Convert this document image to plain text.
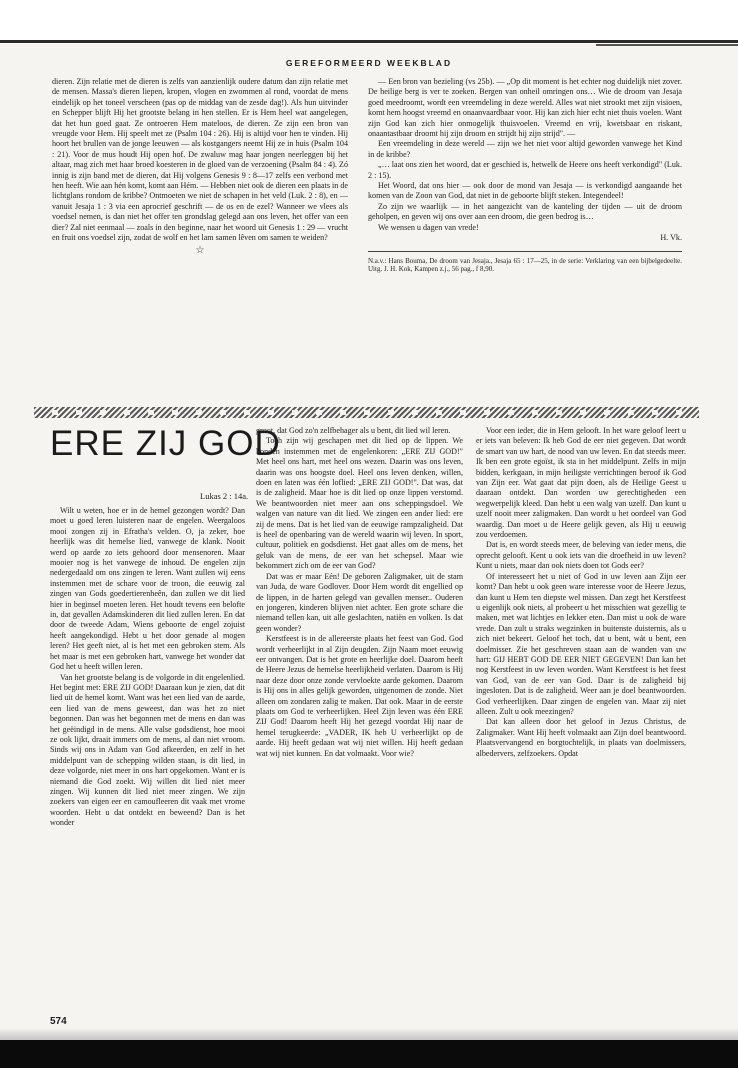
GEREFORMEERD WEEKBLAD

dieren. Zijn relatie met de dieren is zelfs van aanzienlijk oudere datum dan zijn relatie met de mensen. Massa's dieren liepen, kropen, vlogen en zwommen al rond, voordat de mens eindelijk op het toneel verscheen (pas op de middag van de zesde dag!). Als hun uitvinder en Schepper blijft Hij het grootste belang in hen stellen. Er is Hem heel wat aangelegen, dat het hun goed gaat. Ze ontroeren Hem mateloos, de dieren. Ze zijn een bron van vreugde voor Hem. Hij speelt met ze (Psalm 104 : 26). Hij is altijd voor hen te vinden. Hij hoort het brullen van de jonge leeuwen — als kostgangers neemt Hij ze in huis (Psalm 104 : 21). Voor de mus houdt Hij open hof. De zwaluw mag haar jongen neerleggen bij het altaar, mag zich met haar broed koesteren in de gloed van de verzoening (Psalm 84 : 4). Zó innig is zijn band met de dieren, dat Hij volgens Genesis 9 : 8—17 zelfs een verbond met hen heeft. Wie aan hén komt, komt aan Hém. — Hebben niet ook de dieren een plaats in de lichtglans rondom de kribbe? Ontmoeten we niet de schapen in het veld (Luk. 2 : 8), en — vanuit Jesaja 1 : 3 via een aprocrief geschrift — de os en de ezel? Wanneer we vlees als voedsel nemen, is dan niet het offer ten grondslag gelegd aan ons leven, het offer van een dier? Zal niet eenmaal — zoals in den beginne, naar het woord uit Genesis 1 : 29 — vrucht en fruit ons voedsel zijn, zodat de wolf en het lam samen lêven om samen te weiden?

☆

— Een bron van bezieling (vs 25b). — „Op dit moment is het echter nog duidelijk niet zover. De heilige berg is ver te zoeken. Bergen van onheil omringen ons… Wie de droom van Jesaja goed meedroomt, wordt een vreemdeling in deze wereld. Alles wat niet strookt met zijn visioen, komt hem hoogst vreemd en onaanvaardbaar voor. Hij kan zich hier echt niet thuis voelen. Want zijn God kan zich hier onmogelijk thuisvoelen. Vreemd en vrij, kwetsbaar en riskant, onaantastbaar droomt hij zijn droom en strijdt hij zijn strijd". —

Een vreemdeling in deze wereld — zijn we het niet voor altijd geworden vanwege het Kind in de kribbe?

„… laat ons zien het woord, dat er geschied is, hetwelk de Heere ons heeft verkondigd" (Luk. 2 : 15).

Het Woord, dat ons hier — ook door de mond van Jesaja — is verkondigd aangaande het komen van de Zoon van God, dat niet in de geboorte blijft steken. Integendeel!

Zo zijn we waarlijk — in het aangezicht van de kanteling der tijden — uit de droom geholpen, en geven wij ons over aan een droom, die geen bedrog is…

We wensen u dagen van vrede!

H. Vk.

N.a.v.: Hans Bouma, De droom van Jesaja., Jesaja 65 : 17—25, in de serie: Verklaring van een bijbelgedeelte. Uitg. J. H. Kok, Kampen z.j., 56 pag., f 8,90.

ERE ZIJ GOD
Lukas 2 : 14a.

Wilt u weten, hoe er in de hemel gezongen wordt? Dan moet u goed leren luisteren naar de engelen. Weergaloos mooi zongen zij in Efratha's velden. O, ja zeker, hoe heerlijk was dit hemelse lied, vanwege de klank. Nooit werd op aarde zo iets gehoord door mensenoren. Maar mooier nog is het vanwege de inhoud. De engelen zijn nedergedaald om ons zingen te leren. Want zullen wij eens instemmen met de schare voor de troon, die eeuwig zal zingen van Gods goedertierenheên, dan zullen we dit lied hier in beginsel moeten leren. Het houdt tevens een belofte in, dat gevallen Adamskinderen dit lied zullen leren. En dat door de tweede Adam, Wiens geboorte de engel zojuist heeft aangekondigd. Hebt u het door genade al mogen leren? Het geeft niet, al is het met een gebroken stem. Als het maar is met een gebroken hart, vanwege het wonder dat God het u heeft willen leren.

Van het grootste belang is de volgorde in dit engelenlied. Het begint met: ERE ZIJ GOD! Daaraan kun je zien, dat dit lied uit de hemel komt. Want was het een lied van de aarde, een lied van de mens geweest, dan was het zo niet begonnen. Dan was het begonnen met de mens en dan was het geëindigd in de mens. Alle valse godsdienst, hoe mooi ze ook lijkt, draait immers om de mens, al dan niet vroom. Sinds wij ons in Adam van God afkeerden, en zelf in het middelpunt van de schepping wilden staan, is dit lied, in deze volgorde, niet meer in ons hart opgekomen. Want er is niemand die God zoekt. Wij willen dit lied niet meer zingen. Wij kunnen dit lied niet meer zingen. We zijn zoekers van eigen eer en camoufleeren dit vaak met vrome woorden. Hebt u dat ontdekt en beweend? Dan is het wonder

groot, dat God zo'n zelfbehager als u bent, dit lied wil leren.

Toch zijn wij geschapen met dit lied op de lippen. We konden instemmen met de engelenkoren: „ERE ZIJ GOD!" Met heel ons hart, met heel ons wezen. Daarin was ons leven, daarin was ons hoogste doel. Heel ons leven denken, willen, doen en laten was één loflied: „ERE ZIJ GOD!". Dat was, dat is de zaligheid. Maar hoe is dit lied op onze lippen verstomd. We beantwoorden niet meer aan ons scheppingsdoel. We walgen van nature van dit lied. We zingen een ander lied: ere zij de mens. Dat is het lied van de eeuwige rampzaligheid. Dat is heel de openbaring van de wereld waarin wij leven. In sport, cultuur, politiek en godsdienst. Het gaat alles om de mens, het geluk van de mens, de eer van het schepsel. Maar wie bekommert zich om de eer van God?

Dat was er maar Eén! De geboren Zaligmaker, uit de stam van Juda, de ware Godlover. Door Hem wordt dit engellied op de lippen, in de harten gelegd van gevallen menser.. Ouderen en jongeren, kinderen blijven niet achter. Een grote schare die niemand tellen kan, uit alle geslachten, natiën en volken. Is dat geen wonder?

Kerstfeest is in de allereerste plaats het feest van God. God wordt verheerlijkt in al Zijn deugden. Zijn Naam moet eeuwig eer ontvangen. Dat is het grote en heerlijke doel. Daarom heeft de Heere Jezus de hemelse heerlijkheid verlaten. Daarom is Hij naar deze door onze zonde vervloekte aarde gekomen. Daarom is Hij ons in alles gelijk geworden, uitgenomen de zonde. Niet alleen om zondaren zalig te maken. Dat ook. Maar in de eerste plaats om God te verheerlijken. Heel Zijn leven was één ERE ZIJ God! Daarom heeft Hij het gezegd voordat Hij naar de hemel terugkeerde: „VADER, IK heb U verheerlijkt op de aarde. Hij heeft gedaan wat wij niet willen. Hij heeft gedaan wat wij niet kunnen. En dat volmaakt. Voor wie?

Voor een ieder, die in Hem gelooft. In het ware geloof leert u er iets van beleven: Ik heb God de eer niet gegeven. Dat wordt de smart van uw hart, de nood van uw leven. En dat steeds meer. Ik ben een grote egoïst, ik sta in het middelpunt. Zelfs in mijn bidden, kerkgaan, in mijn heiligste verrichtingen beroof ik God van Zijn eer. Wat gaat dat pijn doen, als de Heilige Geest u daaraan ontdekt. Dan worden uw gerechtigheden een wegwerpelijk kleed. Dan hebt u een walg van uzelf. Dan kunt u uzelf nooit meer zaligmaken. Dan wordt u het oordeel van God waardig. Dan moet u de Heere gelijk geven, als Hij u eeuwig zou verdoemen.

Dat is, en wordt steeds meer, de beleving van ieder mens, die oprecht gelooft. Kent u ook iets van die droefheid in uw leven? Kunt u niets, maar dan ook niets doen tot Gods eer?

Of interesseert het u niet of God in uw leven aan Zijn eer komt? Dan hebt u ook geen ware interesse voor de Heere Jezus, dan kunt u Hem ten diepste wel missen. Dan zegt het Kerstfeest u eigenlijk ook niets, al probeert u het misschien wat gezellig te maken, met wat lichtjes en lekker eten. Dan mist u ook de ware vrede. Dan zult u straks wegzinken in buitenste duisternis, als u zich niet bekeert. Geloof het toch, dat u bent, wát u bent, een doelmisser. Zie het geschreven staan aan de wanden van uw hart: GIJ HEBT GOD DE EER NIET GEGEVEN! Dan kan het nog Kerstfeest in uw leven worden. Want Kerstfeest is het feest van God, van de eer van God. Daar is de zaligheid bij ingesloten. Dat is de zaligheid. Weer aan je doel beantwoorden. God verheerlijken. Daar zingen de engelen van. Maar zij niet alleen. Zult u ook meezingen?

Dat kan alleen door het geloof in Jezus Christus, de Zaligmaker. Want Hij heeft volmaakt aan Zijn doel beantwoord. Plaatsvervangend en borgtochtelijk, in plaats van doelmissers, albedervers, zelfzoekers. Opdat

574
